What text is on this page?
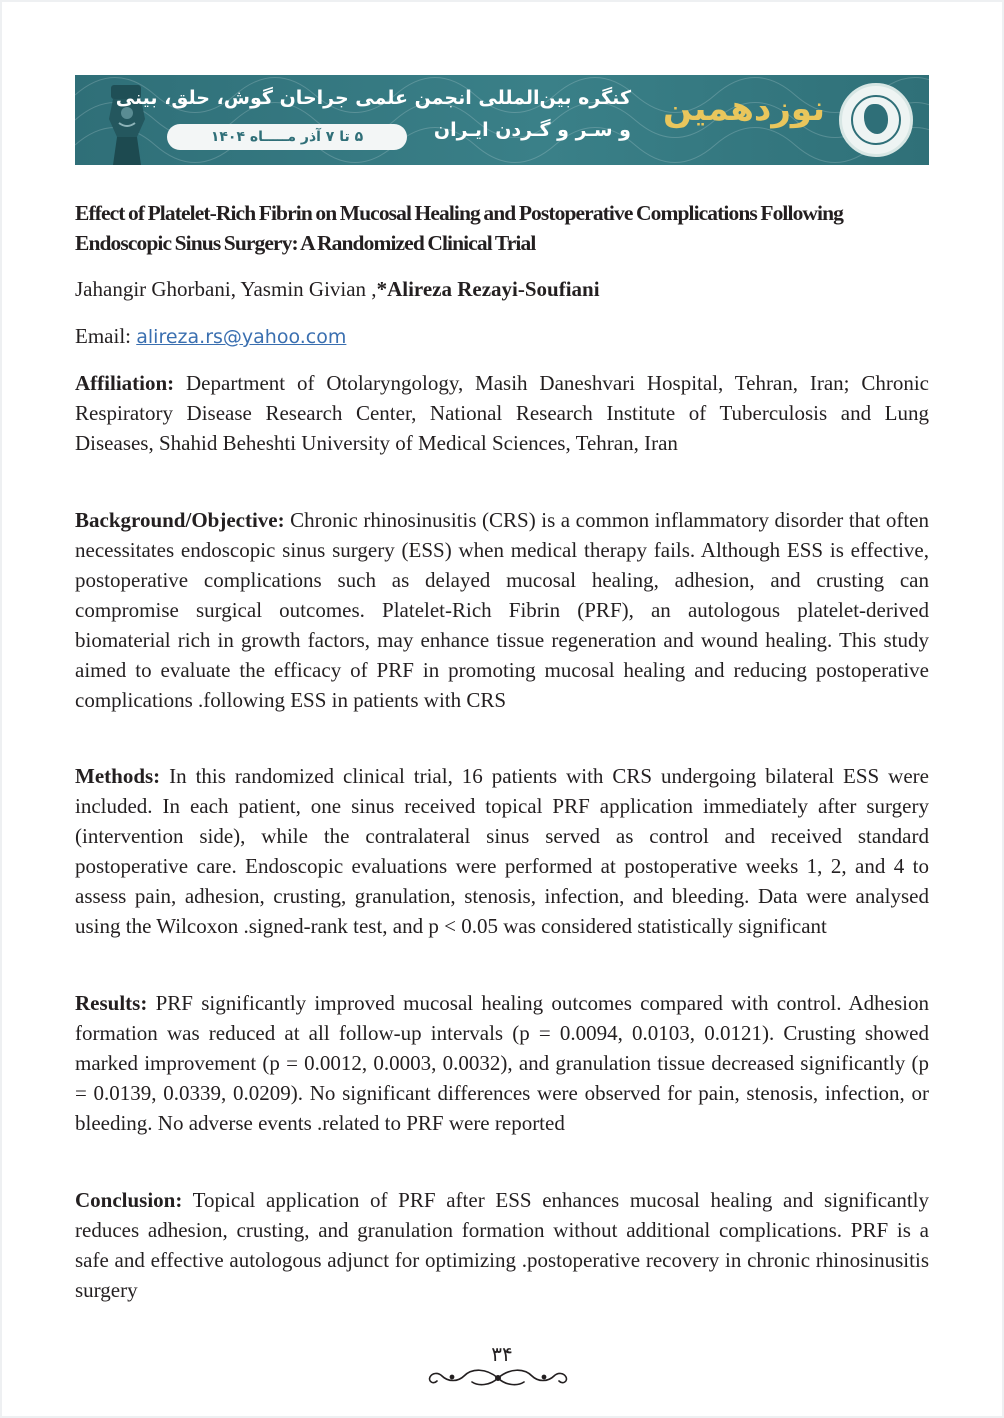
۵ تا ۷ آذر مـــــاه ۱۴۰۴
کنگره بین‌المللی انجمن علمی جراحان گوش، حلق، بینی
و سـر و گـردن ایـران
نوزدهمین
Effect of Platelet-Rich Fibrin on Mucosal Healing and Postoperative Complications Following Endoscopic Sinus Surgery: A Randomized Clinical Trial

Jahangir Ghorbani, Yasmin Givian ,*Alireza Rezayi-Soufiani

Email: alireza.rs@yahoo.com

Affiliation: Department of Otolaryngology, Masih Daneshvari Hospital, Tehran, Iran; Chronic Respiratory Disease Research Center, National Research Institute of Tuberculosis and Lung Diseases, Shahid Beheshti University of Medical Sciences, Tehran, Iran

Background/Objective: Chronic rhinosinusitis (CRS) is a common inflammatory disorder that often necessitates endoscopic sinus surgery (ESS) when medical therapy fails. Although ESS is effective, postoperative complications such as delayed mucosal healing, adhesion, and crusting can compromise surgical outcomes. Platelet-Rich Fibrin (PRF), an autologous platelet-derived biomaterial rich in growth factors, may enhance tissue regeneration and wound healing. This study aimed to evaluate the efficacy of PRF in promoting mucosal healing and reducing postoperative complications .following ESS in patients with CRS

Methods: In this randomized clinical trial, 16 patients with CRS undergoing bilateral ESS were included. In each patient, one sinus received topical PRF application immediately after surgery (intervention side), while the contralateral sinus served as control and received standard postoperative care. Endoscopic evaluations were performed at postoperative weeks 1, 2, and 4 to assess pain, adhesion, crusting, granulation, stenosis, infection, and bleeding. Data were analysed using the Wilcoxon .signed-rank test, and p < 0.05 was considered statistically significant

Results: PRF significantly improved mucosal healing outcomes compared with control. Adhesion formation was reduced at all follow-up intervals (p = 0.0094, 0.0103, 0.0121). Crusting showed marked improvement (p = 0.0012, 0.0003, 0.0032), and granulation tissue decreased significantly (p = 0.0139, 0.0339, 0.0209). No significant differences were observed for pain, stenosis, infection, or bleeding. No adverse events .related to PRF were reported

Conclusion: Topical application of PRF after ESS enhances mucosal healing and significantly reduces adhesion, crusting, and granulation formation without additional complications. PRF is a safe and effective autologous adjunct for optimizing .postoperative recovery in chronic rhinosinusitis surgery

۳۴
